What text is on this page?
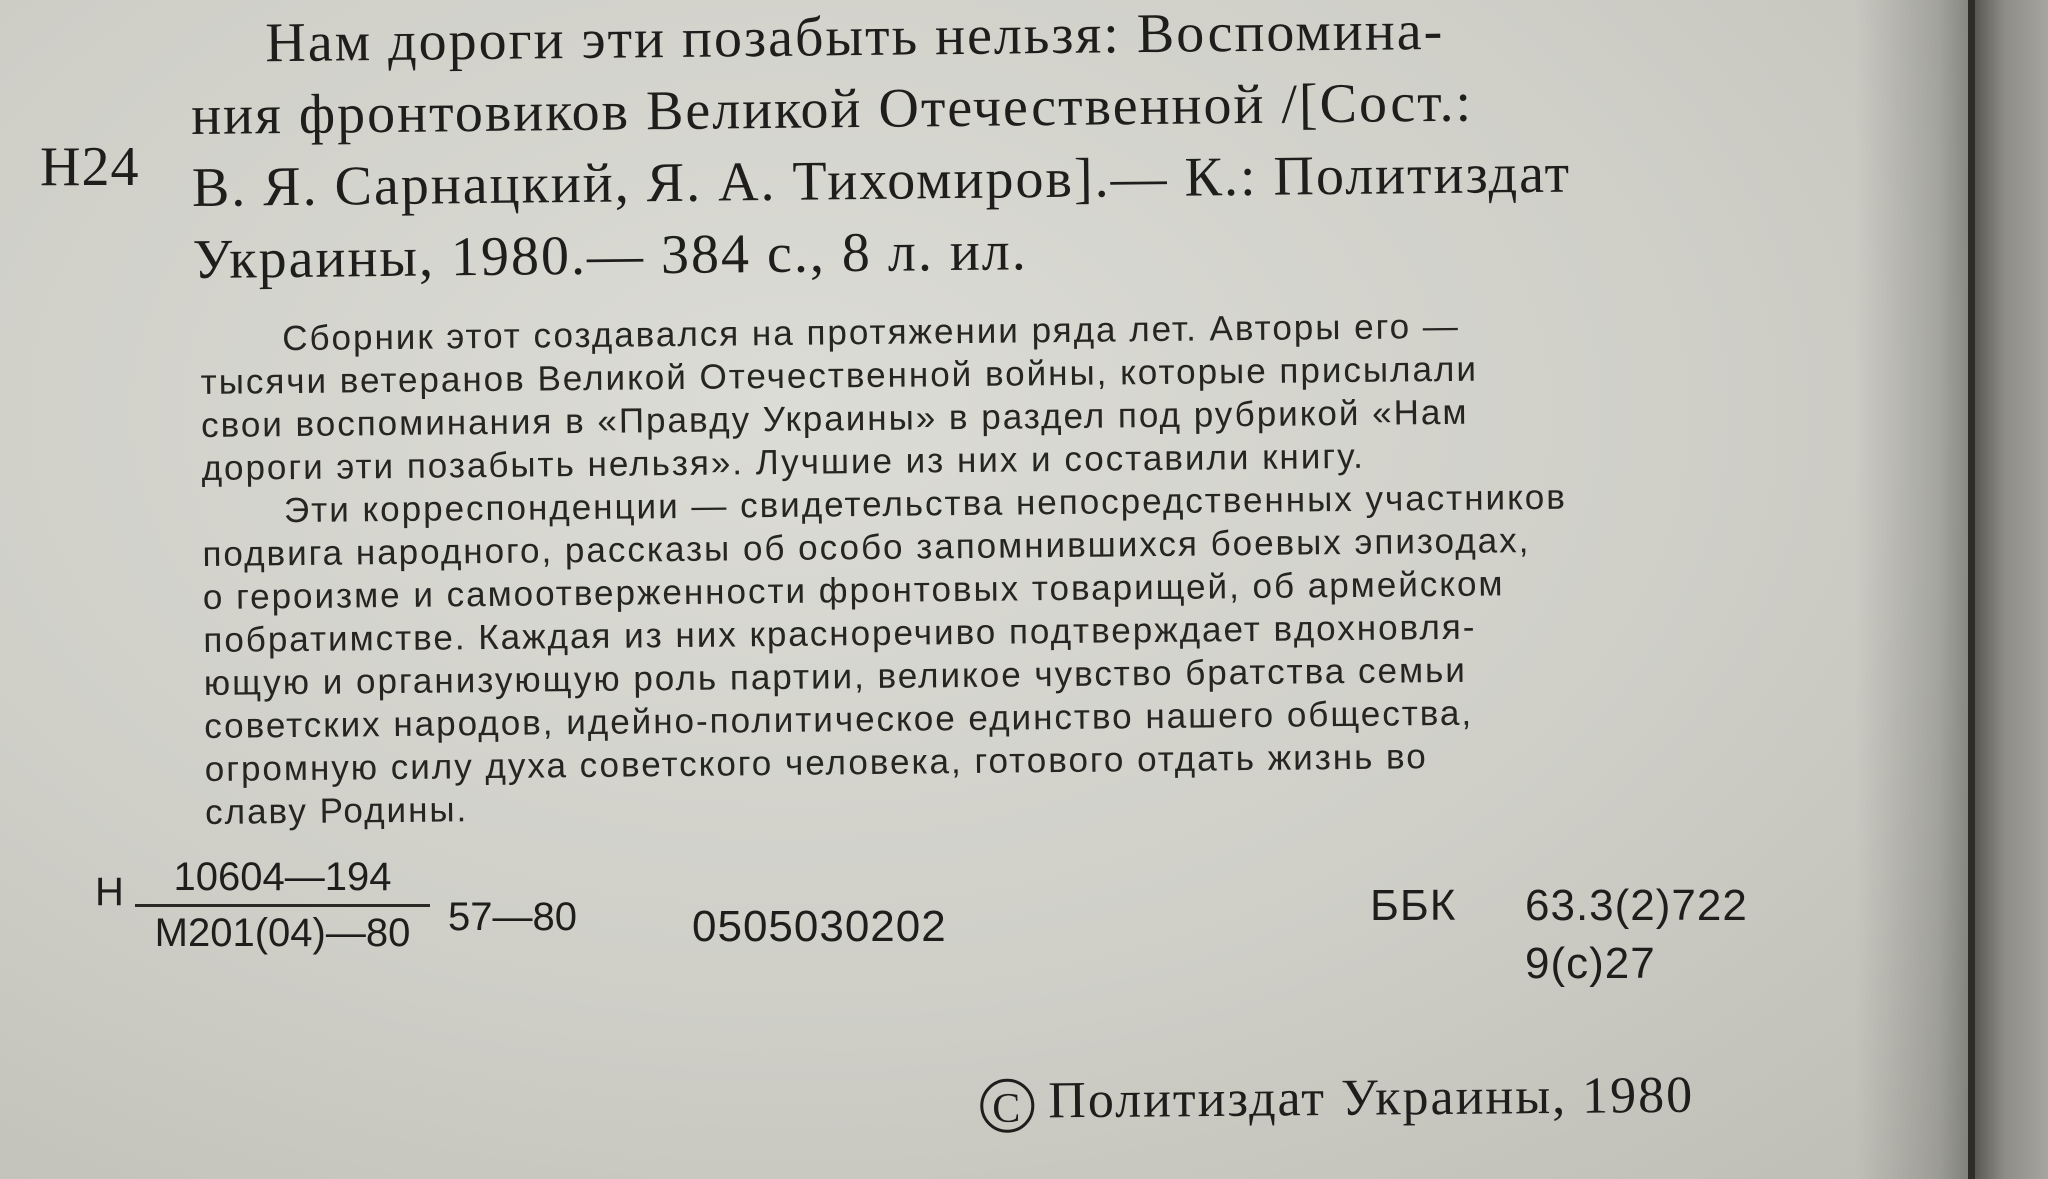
Н24
Нам дороги эти позабыть нельзя: Воспомина-
ния фронтовиков Великой Отечественной /[Сост.:
В. Я. Сарнацкий, Я. А. Тихомиров].— К.: Политиздат
Украины, 1980.— 384 с., 8 л. ил.

Сборник этот создавался на протяжении ряда лет. Авторы его —

тысячи ветеранов Великой Отечественной войны, которые присылали

свои воспоминания в «Правду Украины» в раздел под рубрикой «Нам

дороги эти позабыть нельзя». Лучшие из них и составили книгу.

Эти корреспонденции — свидетельства непосредственных участников

подвига народного, рассказы об особо запомнившихся боевых эпизодах,

о героизме и самоотверженности фронтовых товарищей, об армейском

побратимстве. Каждая из них красноречиво подтверждает вдохновля-

ющую и организующую роль партии, великое чувство братства семьи

советских народов, идейно-политическое единство нашего общества,

огромную силу духа советского человека, готового отдать жизнь во

славу Родины.

Н	10604—194
М201(04)—80 57—80	0505030202	ББК 63.3(2)722
9(с)27
С Политиздат Украины, 1980
